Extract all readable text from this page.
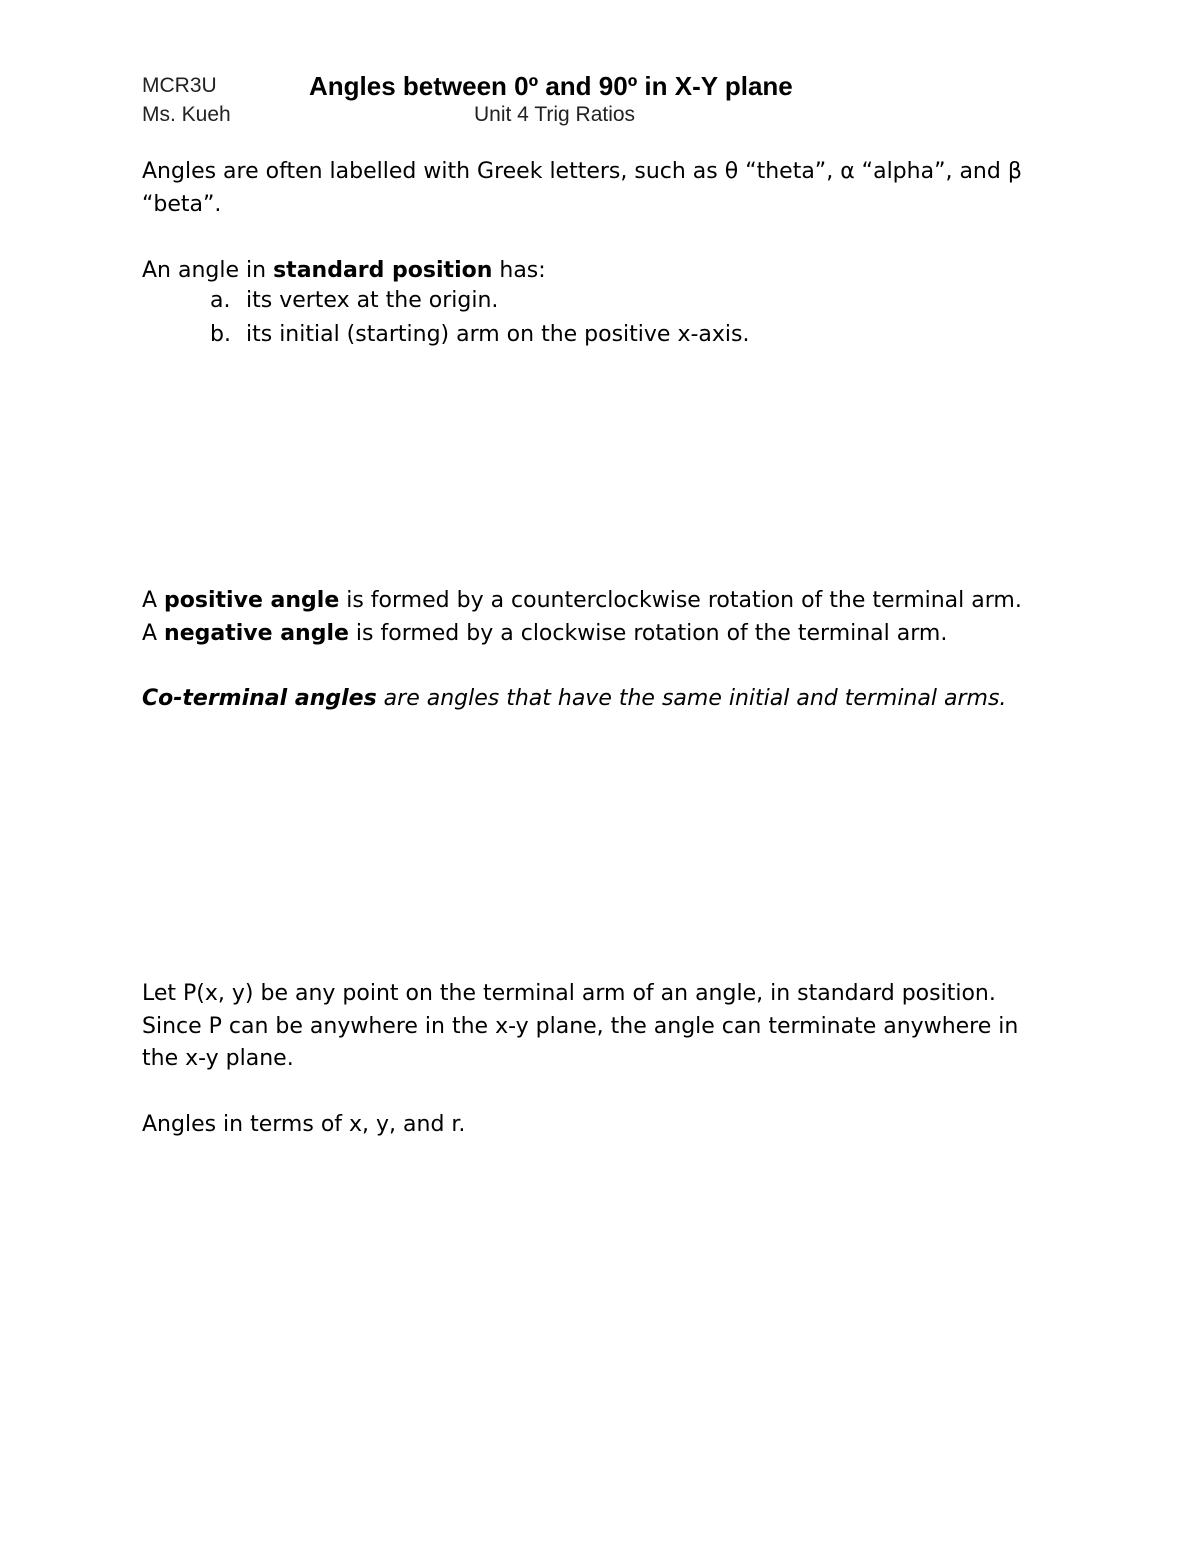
MCR3U	Angles between 0º and 90º in X-Y plane
Ms. Kueh	Unit 4 Trig Ratios

Angles are often labelled with Greek letters, such as θ “theta”, α “alpha”, and β “beta”.

An angle in standard position has:

a. its vertex at the origin.
b. its initial (starting) arm on the positive x-axis.

A positive angle is formed by a counterclockwise rotation of the terminal arm.

A negative angle is formed by a clockwise rotation of the terminal arm.

Co-terminal angles are angles that have the same initial and terminal arms.

Let P(x, y) be any point on the terminal arm of an angle, in standard position. Since P can be anywhere in the x-y plane, the angle can terminate anywhere in the x-y plane.

Angles in terms of x, y, and r.
